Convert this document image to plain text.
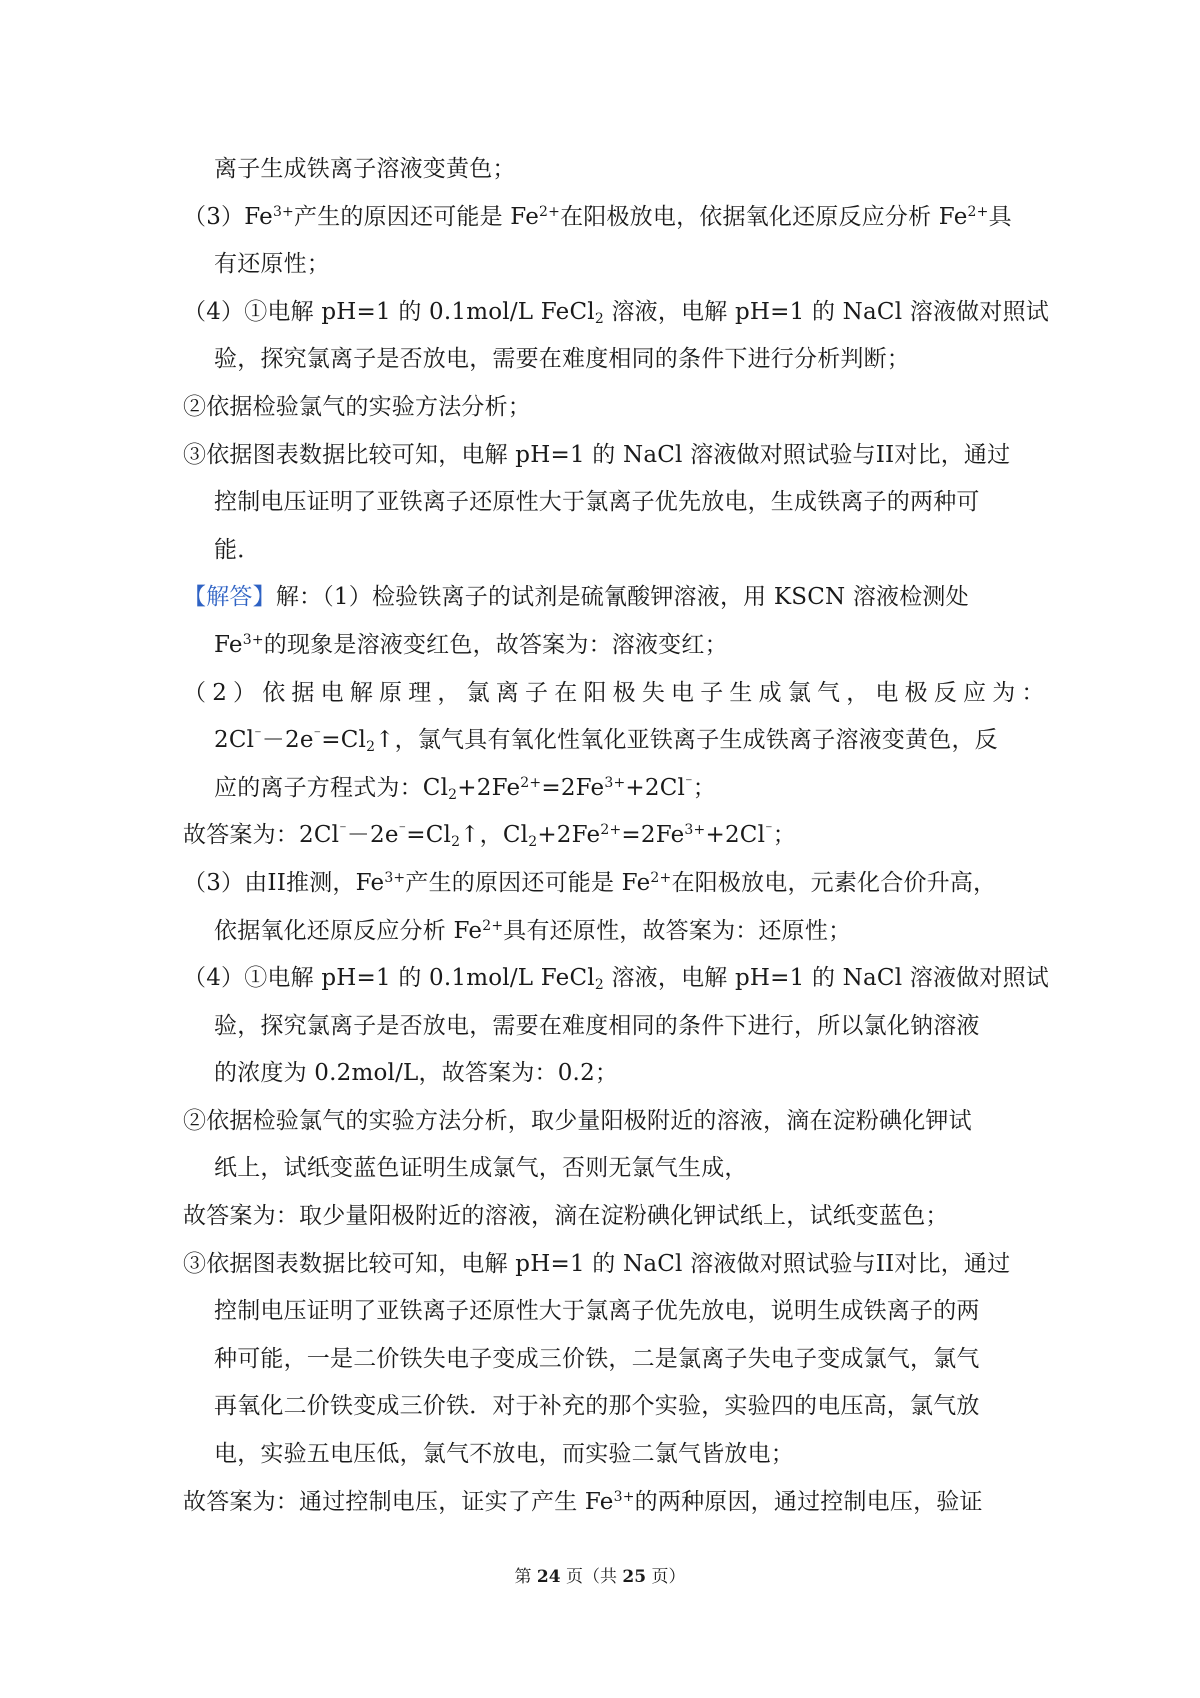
离子生成铁离子溶液变黄色；
$(3)Fe^{3+}$产生的原因还可能是 $Fe^{2+}$在阳极放电，依据氧化还原反应分析 $Fe^{2+}$具
有还原性；
（4）①电解 pH=1 的 0.1mol/L FeCl$_2$ 溶液，电解 pH=1 的 NaCl 溶液做对照试
验，探究氯离子是否放电，需要在难度相同的条件下进行分析判断；
②依据检验氯气的实验方法分析；
③依据图表数据比较可知，电解 pH=1 的 NaCl 溶液做对照试验与II对比，通过
控制电压证明了亚铁离子还原性大于氯离子优先放电，生成铁离子的两种可
能．
【解答】解：（1）检验铁离子的试剂是硫氰酸钾溶液，用 KSCN 溶液检测处
$Fe^{3+}$的现象是溶液变红色，故答案为：溶液变红；
（2）依据电解原理，氯离子在阳极失电子生成氯气，电极反应为：
$2Cl^{^-}-2e^{^-}=Cl_2↑$，氯气具有氧化性氧化亚铁离子生成铁离子溶液变黄色，反
应的离子方程式为：$Cl_2+2Fe^{2+}=2Fe^{3+}+2Cl^{^-}$；
故答案为：$2Cl^{^-}-2e^{^-}=Cl_2↑$，$Cl_2+2Fe^{2+}=2Fe^{3+}+2Cl^{^-}$；
（3）由II推测，$Fe^{3+}$产生的原因还可能是 $Fe^{2+}$在阳极放电，元素化合价升高，
依据氧化还原反应分析 $Fe^{2+}$具有还原性，故答案为：还原性；
（4）①电解 pH=1 的 0.1mol/L FeCl$_2$ 溶液，电解 pH=1 的 NaCl 溶液做对照试
验，探究氯离子是否放电，需要在难度相同的条件下进行，所以氯化钠溶液
的浓度为 0.2mol/L，故答案为：0.2；
②依据检验氯气的实验方法分析，取少量阳极附近的溶液，滴在淀粉碘化钾试
纸上，试纸变蓝色证明生成氯气，否则无氯气生成，
故答案为：取少量阳极附近的溶液，滴在淀粉碘化钾试纸上，试纸变蓝色；
③依据图表数据比较可知，电解 pH=1 的 NaCl 溶液做对照试验与II对比，通过
控制电压证明了亚铁离子还原性大于氯离子优先放电，说明生成铁离子的两
种可能，一是二价铁失电子变成三价铁，二是氯离子失电子变成氯气，氯气
再氧化二价铁变成三价铁．对于补充的那个实验，实验四的电压高，氯气放
电，实验五电压低，氯气不放电，而实验二氯气皆放电；
故答案为：通过控制电压，证实了产生 $Fe^{3+}$的两种原因，通过控制电压，验证
第 24 页（共 25 页）
